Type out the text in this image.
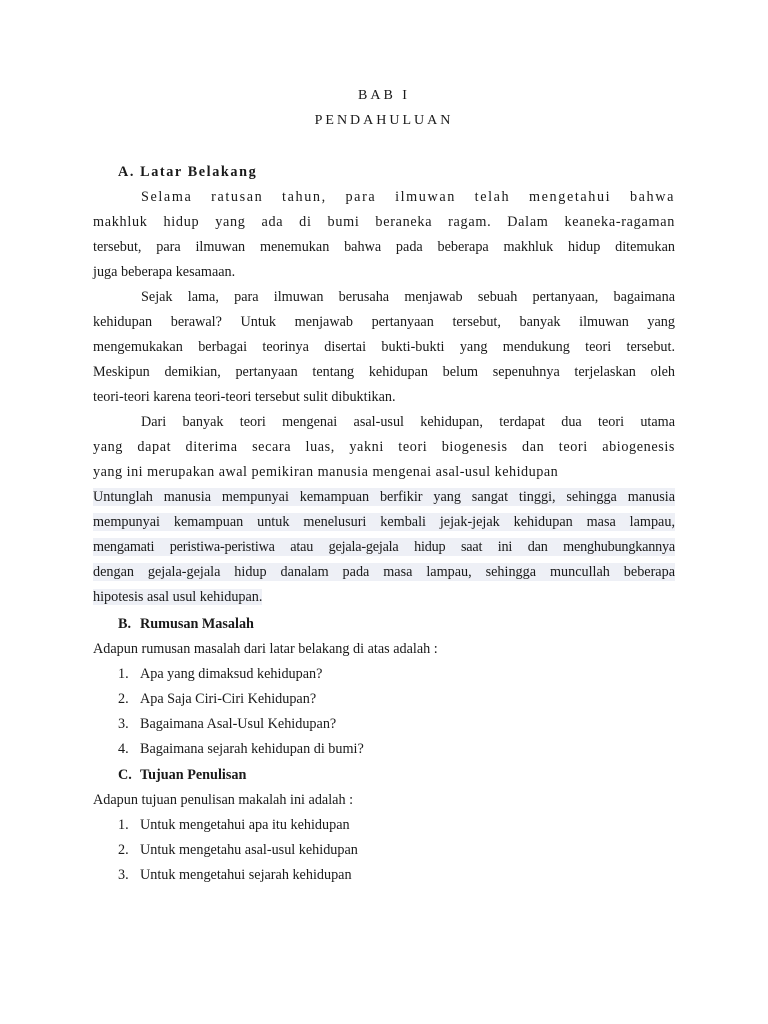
BAB I
PENDAHULUAN
A. Latar Belakang
Selama ratusan tahun, para ilmuwan telah mengetahui bahwa
makhluk hidup yang ada di bumi beraneka ragam. Dalam keaneka-ragaman
tersebut, para ilmuwan menemukan bahwa pada beberapa makhluk hidup ditemukan
juga beberapa kesamaan.
Sejak lama, para ilmuwan berusaha menjawab sebuah pertanyaan, bagaimana
kehidupan berawal? Untuk menjawab pertanyaan tersebut, banyak ilmuwan yang
mengemukakan berbagai teorinya disertai bukti-bukti yang mendukung teori tersebut.
Meskipun demikian, pertanyaan tentang kehidupan belum sepenuhnya terjelaskan oleh
teori-teori karena teori-teori tersebut sulit dibuktikan.
Dari banyak teori mengenai asal-usul kehidupan, terdapat dua teori utama
yang dapat diterima secara luas, yakni teori biogenesis dan teori abiogenesis
yang ini merupakan awal pemikiran manusia mengenai asal-usul kehidupan
Untunglah manusia mempunyai kemampuan berfikir yang sangat tinggi, sehingga manusia
mempunyai kemampuan untuk menelusuri kembali jejak-jejak kehidupan masa lampau,
mengamati peristiwa-peristiwa atau gejala-gejala hidup saat ini dan menghubungkannya
dengan gejala-gejala hidup danalam pada masa lampau, sehingga muncullah beberapa
hipotesis asal usul kehidupan.
B. Rumusan Masalah
Adapun rumusan masalah dari latar belakang di atas adalah :
1. Apa yang dimaksud kehidupan?
2. Apa Saja Ciri-Ciri Kehidupan?
3. Bagaimana Asal-Usul Kehidupan?
4. Bagaimana sejarah kehidupan di bumi?
C. Tujuan Penulisan
Adapun tujuan penulisan makalah ini adalah :
1. Untuk mengetahui apa itu kehidupan
2. Untuk mengetahu asal-usul kehidupan
3. Untuk mengetahui sejarah kehidupan
